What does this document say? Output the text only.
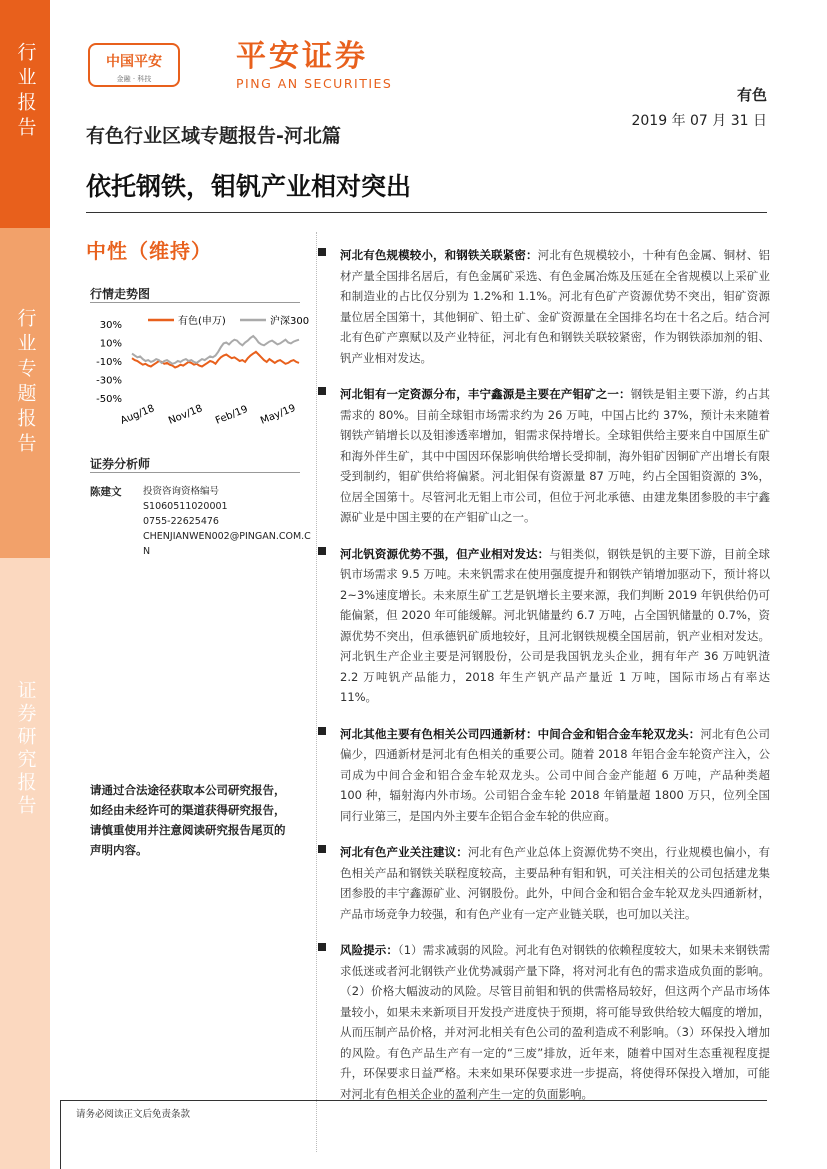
行业报告
行业专题报告
证券研究报告
中国平安
金融 · 科技
平安证券
PING AN SECURITIES
有色
2019 年 07 月 31 日
有色行业区域专题报告-河北篇
依托钢铁，钼钒产业相对突出
中性（维持）
行情走势图
30%
10%
-10%
-30%
-50%
Aug/18 Nov/18 Feb/19 May/19
有色(申万)	沪深300
证券分析师
陈建文 投资咨询资格编号
S1060511020001
0755-22625476
CHENJIANWEN002@PINGAN.COM.CN
请通过合法途径获取本公司研究报告，如经由未经许可的渠道获得研究报告，请慎重使用并注意阅读研究报告尾页的声明内容。
河北有色规模较小，和钢铁关联紧密：河北有色规模较小，十种有色金属、铜材、铝材产量全国排名居后，有色金属矿采选、有色金属冶炼及压延在全省规模以上采矿业和制造业的占比仅分别为 1.2%和 1.1%。河北有色矿产资源优势不突出，钼矿资源量位居全国第十，其他铜矿、铅土矿、金矿资源量在全国排名均在十名之后。结合河北有色矿产禀赋以及产业特征，河北有色和钢铁关联较紧密，作为钢铁添加剂的钼、钒产业相对发达。
河北钼有一定资源分布，丰宁鑫源是主要在产钼矿之一：钢铁是钼主要下游，约占其需求的 80%。目前全球钼市场需求约为 26 万吨，中国占比约 37%，预计未来随着钢铁产销增长以及钼渗透率增加，钼需求保持增长。全球钼供给主要来自中国原生矿和海外伴生矿，其中中国因环保影响供给增长受抑制，海外钼矿因铜矿产出增长有限受到制约，钼矿供给将偏紧。河北钼保有资源量 87 万吨，约占全国钼资源的 3%，位居全国第十。尽管河北无钼上市公司，但位于河北承德、由建龙集团参股的丰宁鑫源矿业是中国主要的在产钼矿山之一。
河北钒资源优势不强，但产业相对发达：与钼类似，钢铁是钒的主要下游，目前全球钒市场需求 9.5 万吨。未来钒需求在使用强度提升和钢铁产销增加驱动下，预计将以 2~3%速度增长。未来原生矿工艺是钒增长主要来源，我们判断 2019 年钒供给仍可能偏紧，但 2020 年可能缓解。河北钒储量约 6.7 万吨，占全国钒储量的 0.7%，资源优势不突出，但承德钒矿质地较好，且河北钢铁规模全国居前，钒产业相对发达。河北钒生产企业主要是河钢股份，公司是我国钒龙头企业，拥有年产 36 万吨钒渣 2.2 万吨钒产品能力，2018 年生产钒产品产量近 1 万吨，国际市场占有率达 11%。
河北其他主要有色相关公司四通新材：中间合金和铝合金车轮双龙头：河北有色公司偏少，四通新材是河北有色相关的重要公司。随着 2018 年铝合金车轮资产注入，公司成为中间合金和铝合金车轮双龙头。公司中间合金产能超 6 万吨，产品种类超 100 种，辐射海内外市场。公司铝合金车轮 2018 年销量超 1800 万只，位列全国同行业第三，是国内外主要车企铝合金车轮的供应商。
河北有色产业关注建议：河北有色产业总体上资源优势不突出，行业规模也偏小，有色相关产品和钢铁关联程度较高，主要品种有钼和钒，可关注相关的公司包括建龙集团参股的丰宁鑫源矿业、河钢股份。此外，中间合金和铝合金车轮双龙头四通新材，产品市场竞争力较强，和有色产业有一定产业链关联，也可加以关注。
风险提示：（1）需求减弱的风险。河北有色对钢铁的依赖程度较大，如果未来钢铁需求低迷或者河北钢铁产业优势减弱产量下降，将对河北有色的需求造成负面的影响。（2）价格大幅波动的风险。尽管目前钼和钒的供需格局较好，但这两个产品市场体量较小，如果未来新项目开发投产进度快于预期，将可能导致供给较大幅度的增加，从而压制产品价格，并对河北相关有色公司的盈利造成不利影响。（3）环保投入增加的风险。有色产品生产有一定的“三废”排放，近年来，随着中国对生态重视程度提升，环保要求日益严格。未来如果环保要求进一步提高，将使得环保投入增加，可能对河北有色相关企业的盈利产生一定的负面影响。
请务必阅读正文后免责条款
